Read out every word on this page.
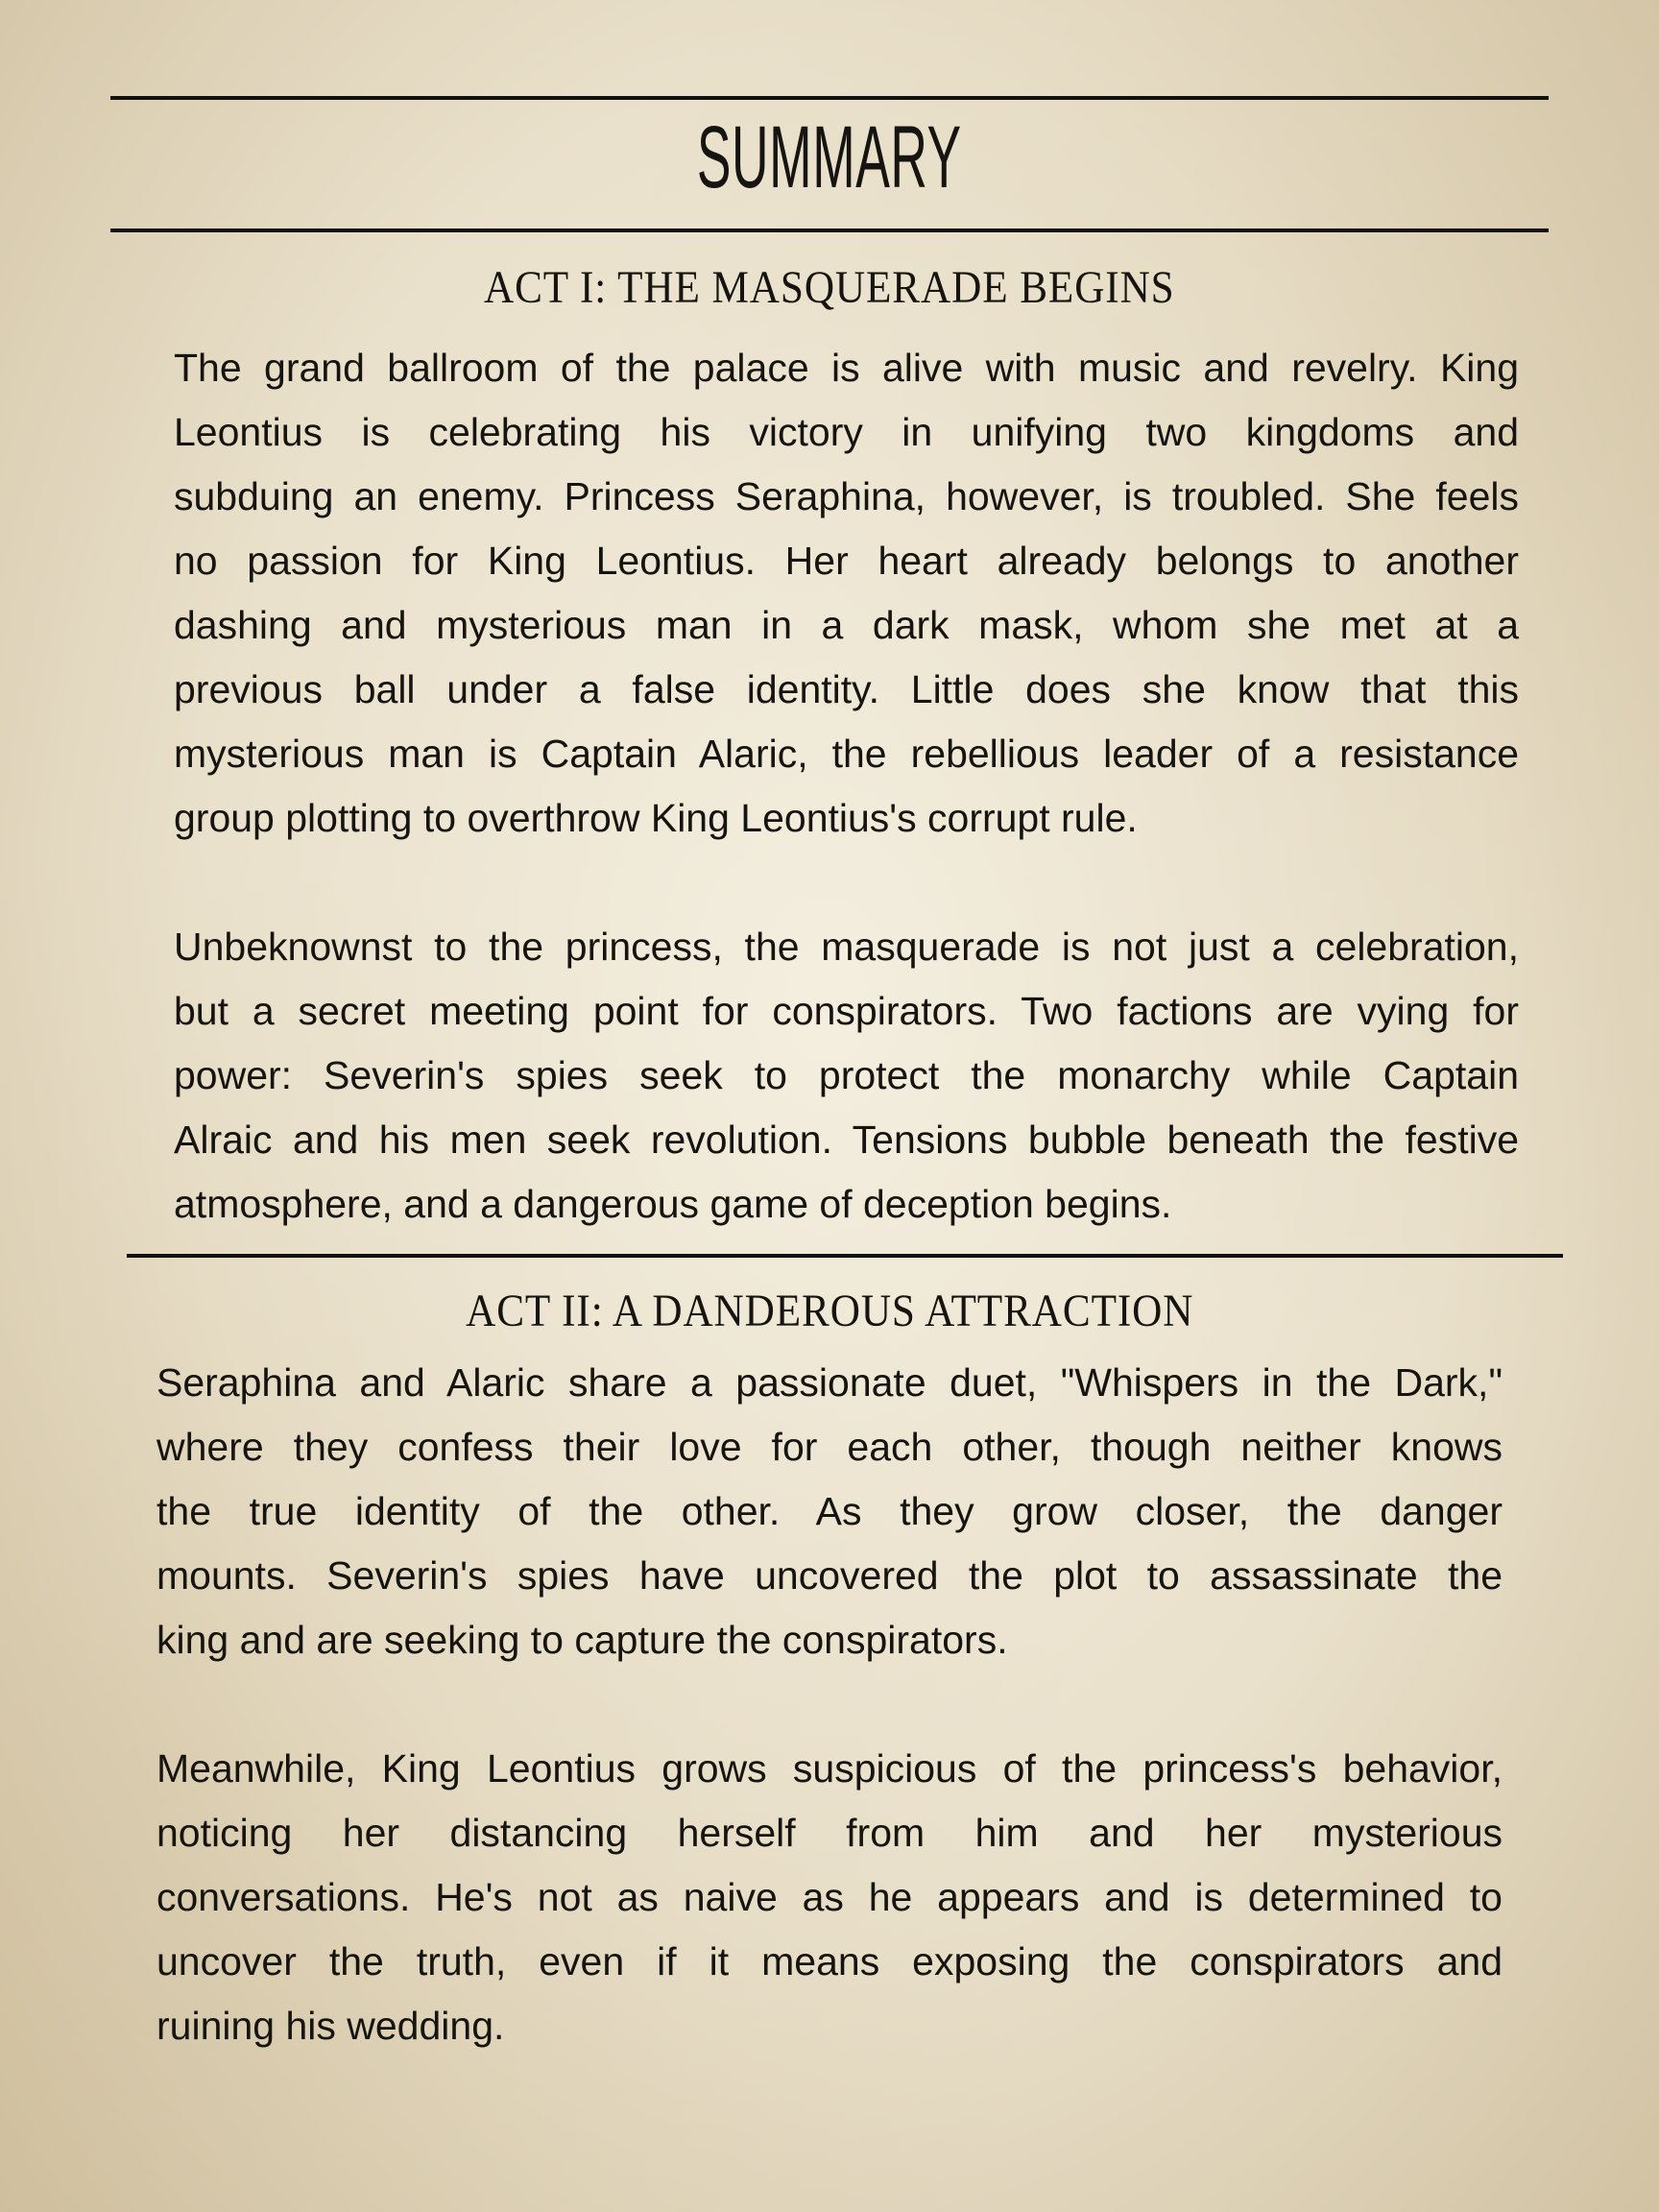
SUMMARY
ACT I: THE MASQUERADE BEGINS
The grand ballroom of the palace is alive with music and revelry. King
Leontius is celebrating his victory in unifying two kingdoms and
subduing an enemy. Princess Seraphina, however, is troubled. She feels
no passion for King Leontius. Her heart already belongs to another
dashing and mysterious man in a dark mask, whom she met at a
previous ball under a false identity. Little does she know that this
mysterious man is Captain Alaric, the rebellious leader of a resistance
group plotting to overthrow King Leontius's corrupt rule.
Unbeknownst to the princess, the masquerade is not just a celebration,
but a secret meeting point for conspirators. Two factions are vying for
power: Severin's spies seek to protect the monarchy while Captain
Alraic and his men seek revolution. Tensions bubble beneath the festive
atmosphere, and a dangerous game of deception begins.
ACT II: A DANDEROUS ATTRACTION
Seraphina and Alaric share a passionate duet, "Whispers in the Dark,"
where they confess their love for each other, though neither knows
the true identity of the other. As they grow closer, the danger
mounts. Severin's spies have uncovered the plot to assassinate the
king and are seeking to capture the conspirators.
Meanwhile, King Leontius grows suspicious of the princess's behavior,
noticing her distancing herself from him and her mysterious
conversations. He's not as naive as he appears and is determined to
uncover the truth, even if it means exposing the conspirators and
ruining his wedding.
